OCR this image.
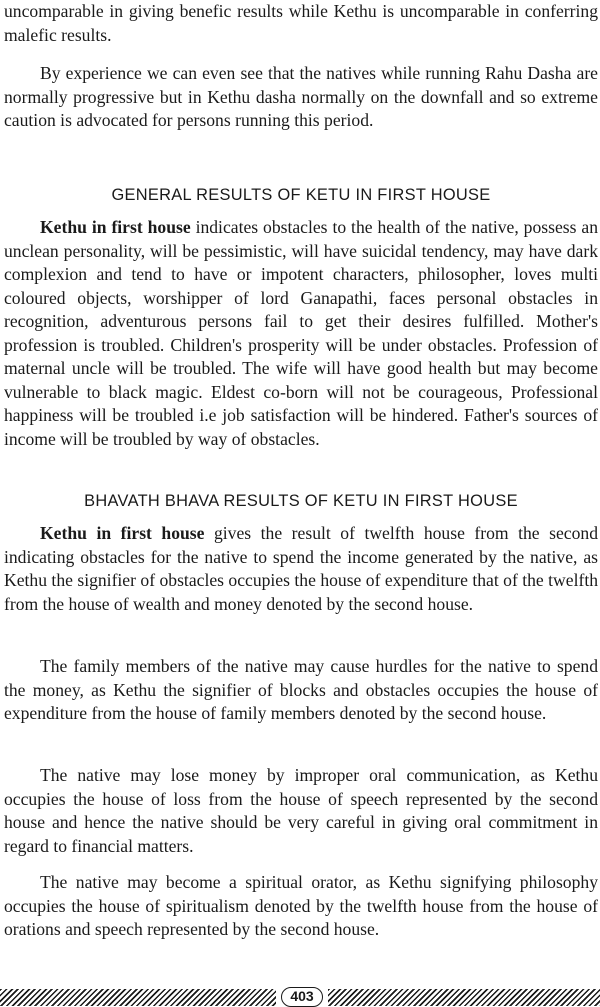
uncomparable in giving benefic results while Kethu is uncomparable in conferring malefic results.

By experience we can even see that the natives while running Rahu Dasha are normally progressive but in Kethu dasha normally on the downfall and so extreme caution is advocated for persons running this period.

GENERAL RESULTS OF KETU IN FIRST HOUSE

Kethu in first house indicates obstacles to the health of the native, possess an unclean personality, will be pessimistic, will have suicidal tendency, may have dark complexion and tend to have or impotent characters, philosopher, loves multi coloured objects, worshipper of lord Ganapathi, faces personal obstacles in recognition, adventurous persons fail to get their desires fulfilled. Mother's profession is troubled. Children's prosperity will be under obstacles. Profession of maternal uncle will be troubled. The wife will have good health but may become vulnerable to black magic. Eldest co-born will not be courageous, Professional happiness will be troubled i.e job satisfaction will be hindered. Father's sources of income will be troubled by way of obstacles.

BHAVATH BHAVA RESULTS OF KETU IN FIRST HOUSE

Kethu in first house gives the result of twelfth house from the second indicating obstacles for the native to spend the income generated by the native, as Kethu the signifier of obstacles occupies the house of expenditure that of the twelfth from the house of wealth and money denoted by the second house.

The family members of the native may cause hurdles for the native to spend the money, as Kethu the signifier of blocks and obstacles occupies the house of expenditure from the house of family members denoted by the second house.

The native may lose money by improper oral communication, as Kethu occupies the house of loss from the house of speech represented by the second house and hence the native should be very careful in giving oral commitment in regard to financial matters.

The native may become a spiritual orator, as Kethu signifying philosophy occupies the house of spiritualism denoted by the twelfth house from the house of orations and speech represented by the second house.

403
